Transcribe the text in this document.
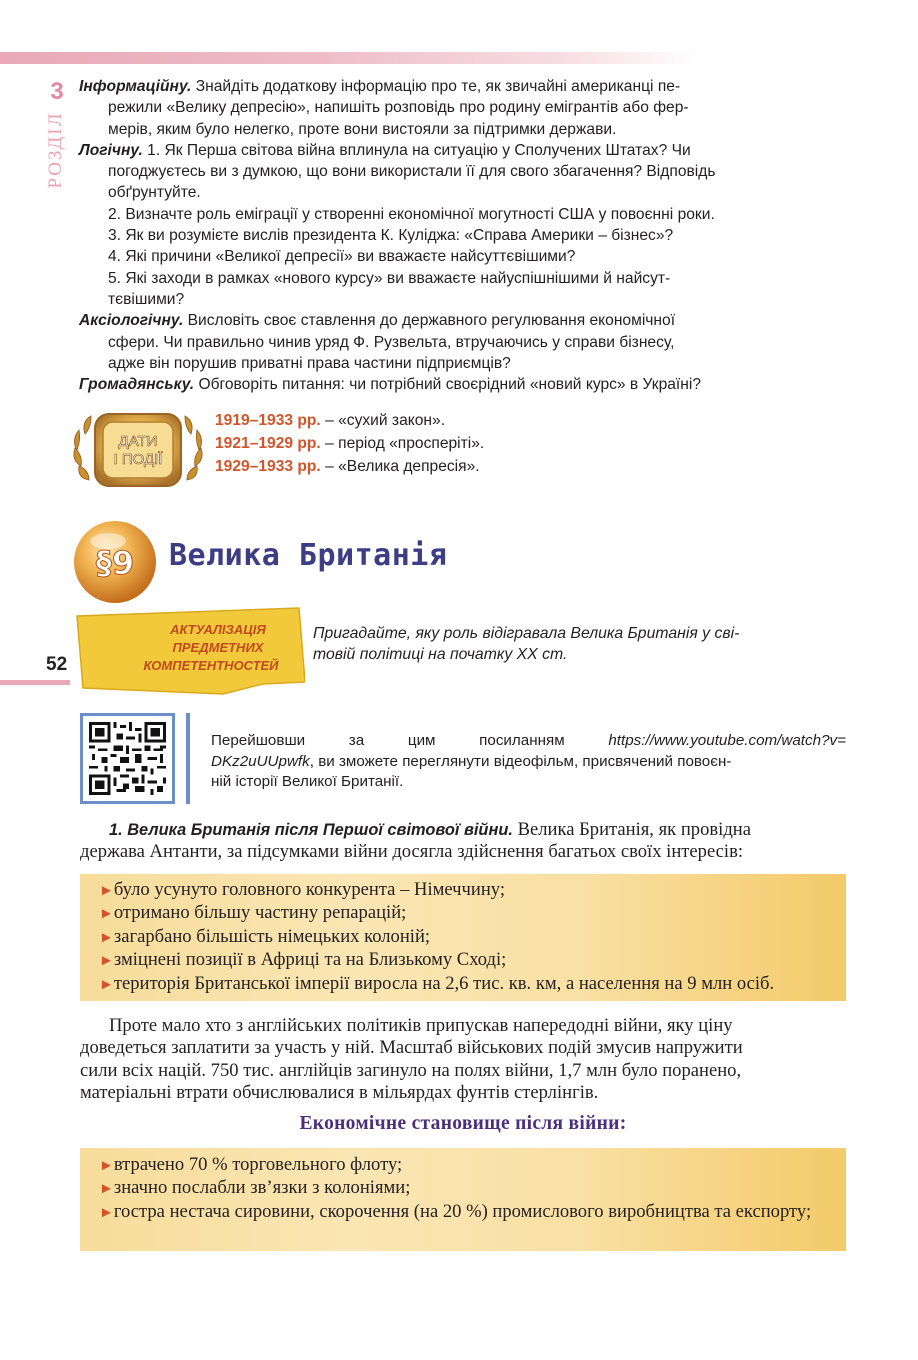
3
РОЗДІЛ
Інформаційну. Знайдіть додаткову інформацію про те, як звичайні американці пе-
режили «Велику депресію», напишіть розповідь про родину емігрантів або фер-
мерів, яким було нелегко, проте вони вистояли за підтримки держави.
Логічну. 1. Як Перша світова війна вплинула на ситуацію у Сполучених Штатах? Чи
погоджуєтесь ви з думкою, що вони використали її для свого збагачення? Відповідь
обґрунтуйте.
2. Визначте роль еміграції у створенні економічної могутності США у повоєнні роки.
3. Як ви розумієте вислів президента К. Куліджа: «Справа Америки – бізнес»?
4. Які причини «Великої депресії» ви вважаєте найсуттєвішими?
5. Які заходи в рамках «нового курсу» ви вважаєте найуспішнішими й найсут-
тєвішими?
Аксіологічну. Висловіть своє ставлення до державного регулювання економічної
сфери. Чи правильно чинив уряд Ф. Рузвельта, втручаючись у справи бізнесу,
адже він порушив приватні права частини підприємців?
Громадянську. Обговоріть питання: чи потрібний своєрідний «новий курс» в Україні?
ДАТИ
І ПОДІЇ
1919–1933 рр. – «сухий закон».
1921–1929 рр. – період «просперіті».
1929–1933 рр. – «Велика депресія».
§9 Велика Британія
АКТУАЛІЗАЦІЯ
ПРЕДМЕТНИХ
КОМПЕТЕНТНОСТЕЙ
Пригадайте, яку роль відігравала Велика Британія у сві-
товій політиці на початку XX ст.
52
Перейшовши	за	цим	посиланням	https://www.youtube.com/watch?v=
DKz2uUUpwfk, ви зможете переглянути відеофільм, присвячений повоєн-
ній історії Великої Британії.
1. Велика Британія після Першої світової війни. Велика Британія, як провідна
держава Антанти, за підсумками війни досягла здійснення багатьох своїх інтересів:
►було усунуто головного конкурента – Німеччину;
►отримано більшу частину репарацій;
►загарбано більшість німецьких колоній;
►зміцнені позиції в Африці та на Близькому Сході;
►територія Британської імперії виросла на 2,6 тис. кв. км, а населення на 9 млн осіб.
Проте мало хто з англійських політиків припускав напередодні війни, яку ціну
доведеться заплатити за участь у ній. Масштаб військових подій змусив напружити
сили всіх націй. 750 тис. англійців загинуло на полях війни, 1,7 млн було поранено,
матеріальні втрати обчислювалися в мільярдах фунтів стерлінгів.
Економічне становище після війни:
►втрачено 70 % торговельного флоту;
►значно послабли зв’язки з колоніями;
►гостра нестача сировини, скорочення (на 20 %) промислового виробництва та експорту;
